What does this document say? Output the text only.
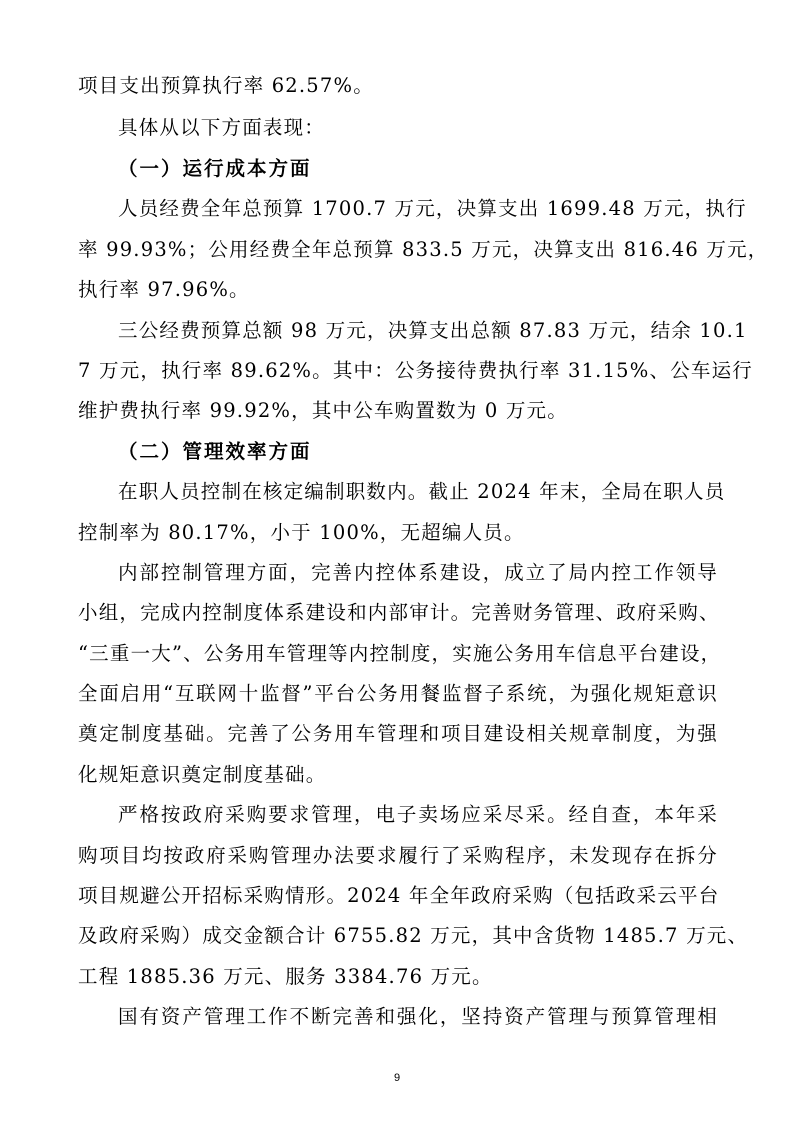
项目支出预算执行率 62.57%。
具体从以下方面表现：
（一）运行成本方面
人员经费全年总预算 1700.7 万元，决算支出 1699.48 万元，执行
率 99.93%；公用经费全年总预算 833.5 万元，决算支出 816.46 万元，
执行率 97.96%。
三公经费预算总额 98 万元，决算支出总额 87.83 万元，结余 10.1
7 万元，执行率 89.62%。其中：公务接待费执行率 31.15%、公车运行
维护费执行率 99.92%，其中公车购置数为 0 万元。
（二）管理效率方面
在职人员控制在核定编制职数内。截止 2024 年末，全局在职人员
控制率为 80.17%，小于 100%，无超编人员。
内部控制管理方面，完善内控体系建设，成立了局内控工作领导
小组，完成内控制度体系建设和内部审计。完善财务管理、政府采购、
“三重一大”、公务用车管理等内控制度，实施公务用车信息平台建设，
全面启用“互联网十监督”平台公务用餐监督子系统，为强化规矩意识
奠定制度基础。完善了公务用车管理和项目建设相关规章制度，为强
化规矩意识奠定制度基础。
严格按政府采购要求管理，电子卖场应采尽采。经自查，本年采
购项目均按政府采购管理办法要求履行了采购程序，未发现存在拆分
项目规避公开招标采购情形。2024 年全年政府采购（包括政采云平台
及政府采购）成交金额合计 6755.82 万元，其中含货物 1485.7 万元、
工程 1885.36 万元、服务 3384.76 万元。
国有资产管理工作不断完善和强化，坚持资产管理与预算管理相
9
